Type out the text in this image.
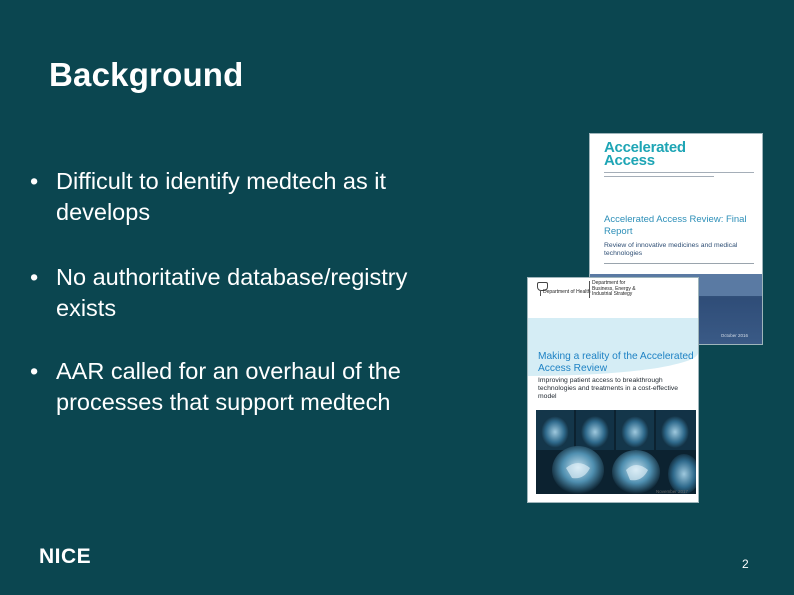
Background
• Difficult to identify medtech as it develops
• No authoritative database/registry exists
• AAR called for an overhaul of the processes that support medtech
Accelerated
Access
Accelerated Access Review: Final Report
Review of innovative medicines and medical technologies
October 2016
Department of Health
Department for Business, Energy & Industrial Strategy
Making a reality of the Accelerated Access Review
Improving patient access to breakthrough technologies and treatments in a cost-effective model
November 2017
NICE	2
